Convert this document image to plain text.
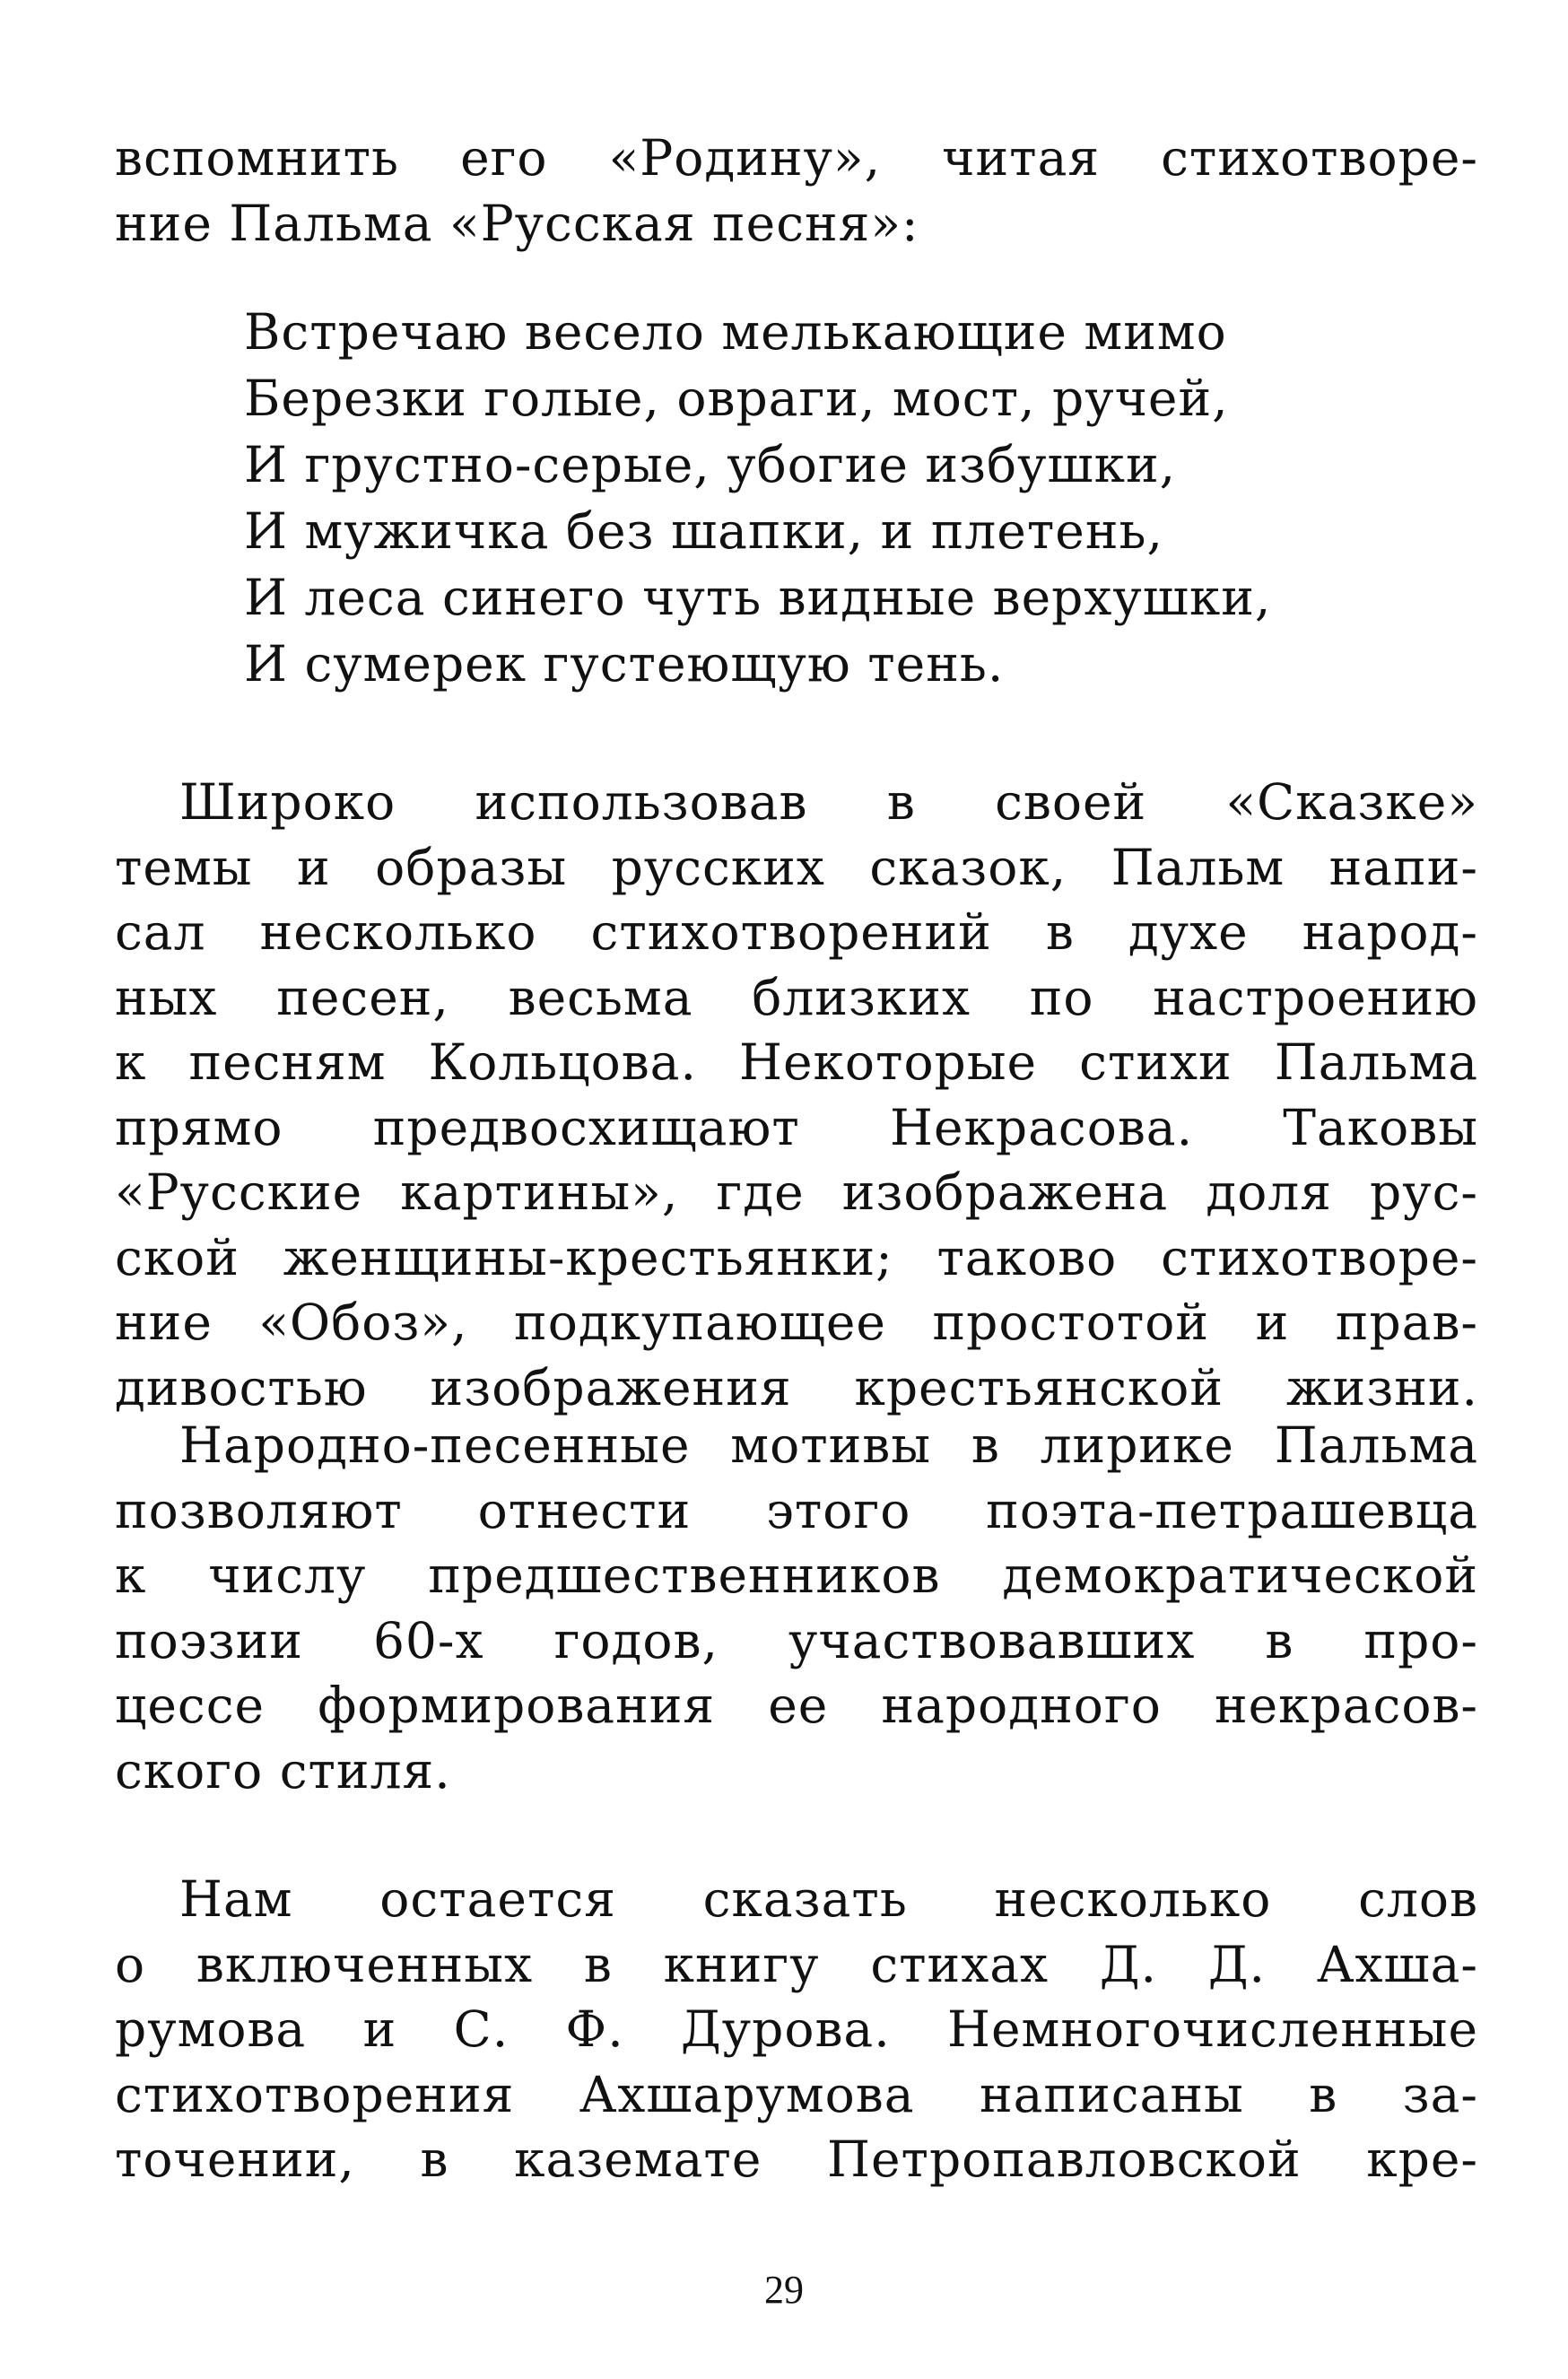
вспомнить его «Родину», читая стихотворе-
ние Пальма «Русская песня»:
Встречаю весело мелькающие мимо
Березки голые, овраги, мост, ручей,
И грустно-серые, убогие избушки,
И мужичка без шапки, и плетень,
И леса синего чуть видные верхушки,
И сумерек густеющую тень.
Широко использовав в своей «Сказке»
темы и образы русских сказок, Пальм напи-
сал несколько стихотворений в духе народ-
ных песен, весьма близких по настроению
к песням Кольцова. Некоторые стихи Пальма
прямо предвосхищают Некрасова. Таковы
«Русские картины», где изображена доля рус-
ской женщины-крестьянки; таково стихотворе-
ние «Обоз», подкупающее простотой и прав-
дивостью изображения крестьянской жизни.
Народно-песенные мотивы в лирике Пальма
позволяют отнести этого поэта-петрашевца
к числу предшественников демократической
поэзии 60-х годов, участвовавших в про-
цессе формирования ее народного некрасов-
ского стиля.
Нам остается сказать несколько слов
о включенных в книгу стихах Д. Д. Ахша-
румова и С. Ф. Дурова. Немногочисленные
стихотворения Ахшарумова написаны в за-
точении, в каземате Петропавловской кре-
29
